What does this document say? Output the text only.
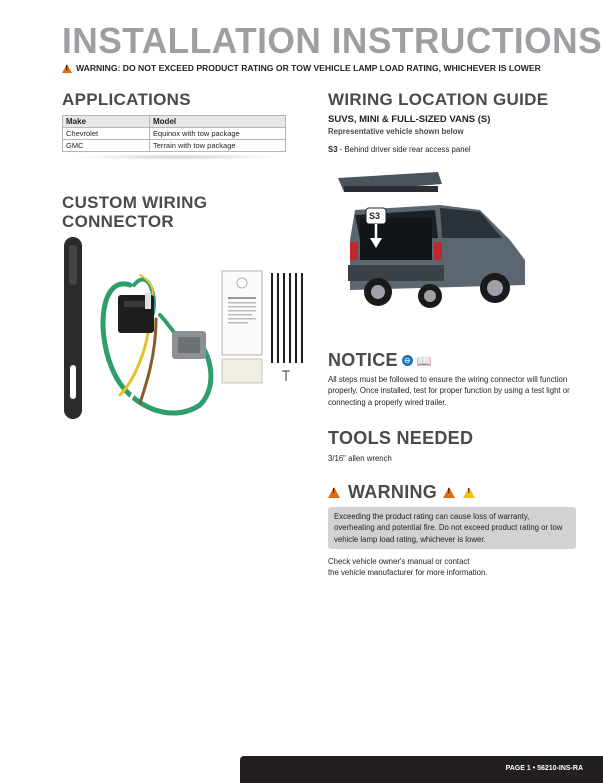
INSTALLATION INSTRUCTIONS
!
WARNING: DO NOT EXCEED PRODUCT RATING OR TOW VEHICLE LAMP LOAD RATING, WHICHEVER IS LOWER
APPLICATIONS
Make	Model
Chevrolet	Equinox with tow package
GMC	Terrain with tow package
CUSTOM WIRING
CONNECTOR
WIRING LOCATION GUIDE
SUVS, MINI & FULL-SIZED VANS (S)
Representative vehicle shown below
S3 - Behind driver side rear access panel
S3
NOTICE ⊖ 📖
All steps must be followed to ensure the wiring connector will function properly. Once installed, test for proper function by using a test light or connecting a properly wired trailer.
TOOLS NEEDED
3/16" allen wrench
!
WARNING
!
!
Exceeding the product rating can cause loss of warranty, overheating and potential fire. Do not exceed product rating or tow vehicle lamp load rating, whichever is lower.
Check vehicle owner's manual or contact
the vehicle manufacturer for more information.
PAGE 1 • 56210-INS-RA
